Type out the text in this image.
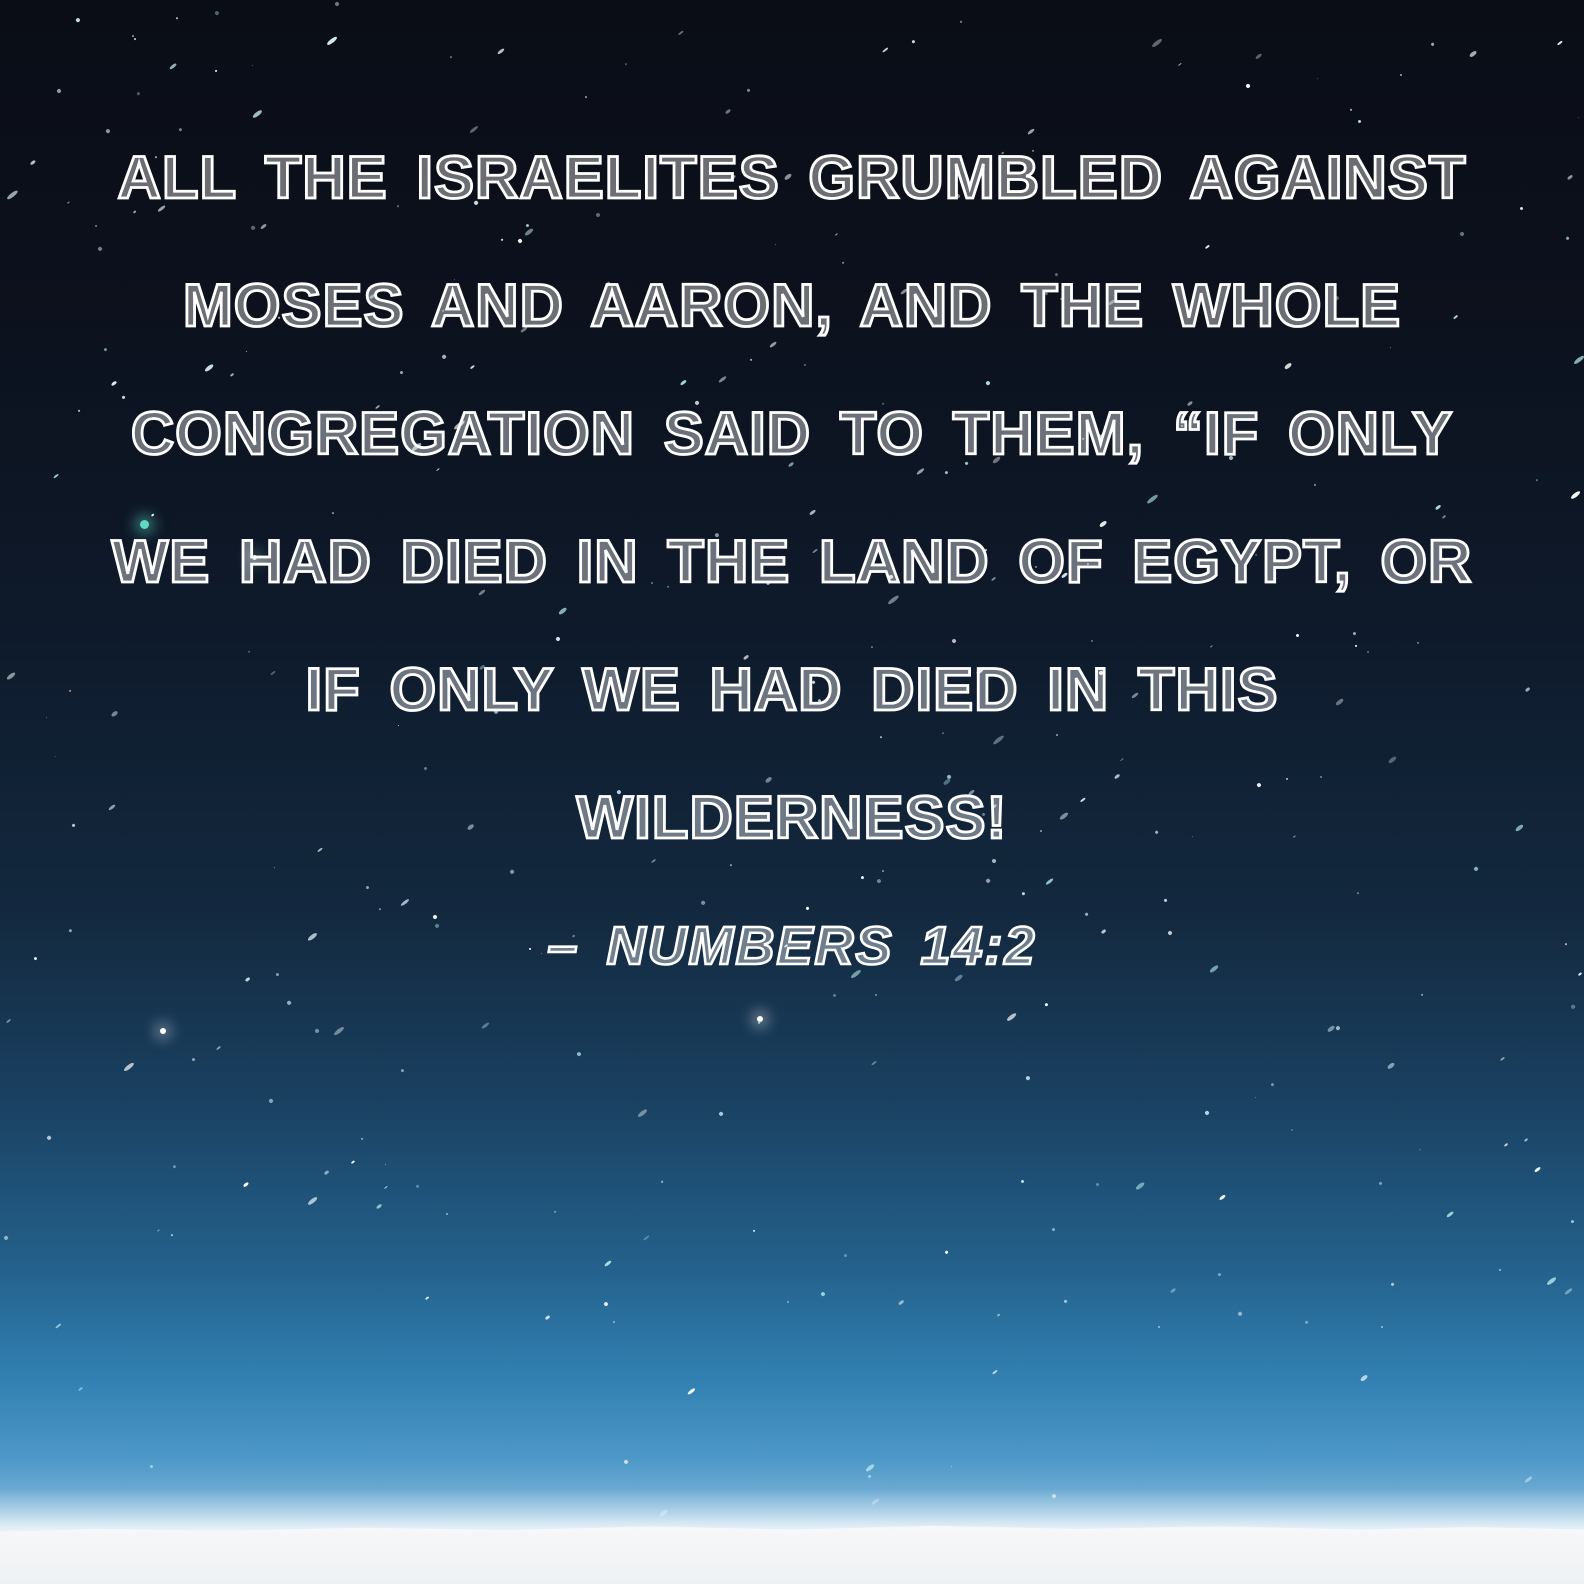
ALL THE ISRAELITES GRUMBLED AGAINST
MOSES AND AARON, AND THE WHOLE
CONGREGATION SAID TO THEM, “IF ONLY
WE HAD DIED IN THE LAND OF EGYPT, OR
IF ONLY WE HAD DIED IN THIS
WILDERNESS!
– NUMBERS 14:2
